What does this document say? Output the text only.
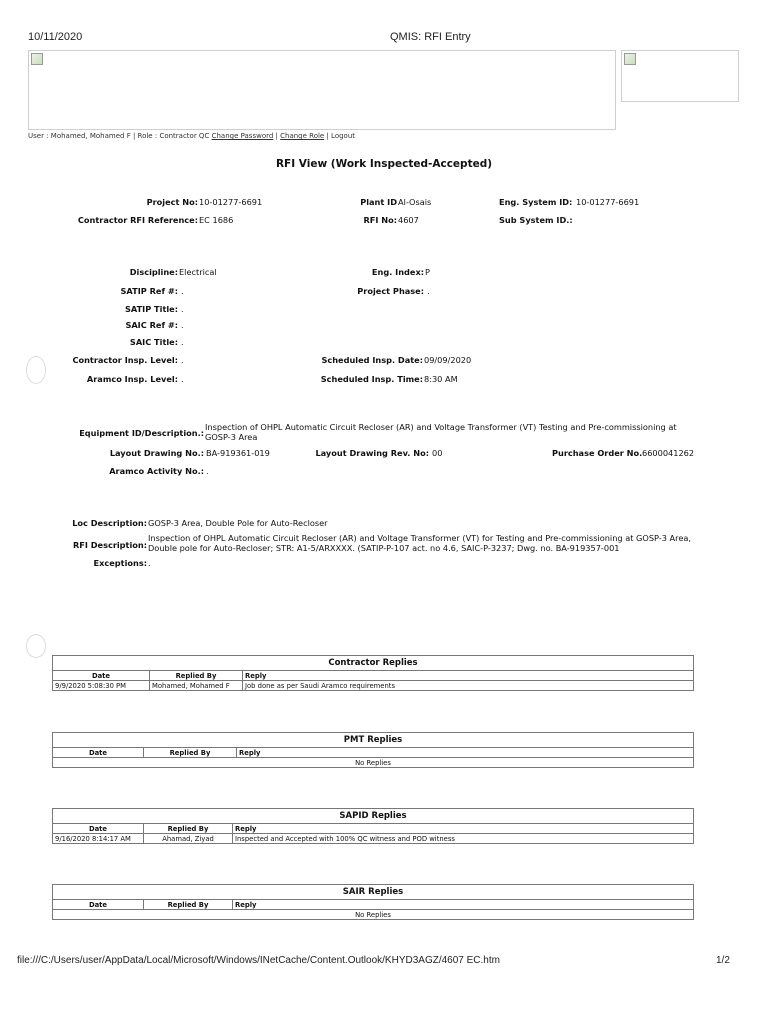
10/11/2020	QMIS: RFI Entry
User : Mohamed, Mohamed F | Role : Contractor QC Change Password | Change Role | Logout
RFI View (Work Inspected-Accepted)
Project No: 10-01277-6691	Plant ID Al-Osais	Eng. System ID: 10-01277-6691
Contractor RFI Reference: EC 1686	RFI No: 4607	Sub System ID.:
Discipline: Electrical	Eng. Index: P
SATIP Ref #: .	Project Phase: .
SATIP Title: .
SAIC Ref #: .
SAIC Title: .
Contractor Insp. Level: .	Scheduled Insp. Date: 09/09/2020
Aramco Insp. Level: .	Scheduled Insp. Time: 8:30 AM
Equipment ID/Description.:
Inspection of OHPL Automatic Circuit Recloser (AR) and Voltage Transformer (VT) Testing and Pre-commissioning at GOSP-3 Area
Layout Drawing No.: BA-919361-019	Layout Drawing Rev. No: 00	Purchase Order No. 6600041262
Aramco Activity No.: .
Loc Description: GOSP-3 Area, Double Pole for Auto-Recloser
RFI Description:
Inspection of OHPL Automatic Circuit Recloser (AR) and Voltage Transformer (VT) for Testing and Pre-commissioning at GOSP-3 Area, Double pole for Auto-Recloser; STR: A1-5/ARXXXX. (SATIP-P-107 act. no 4.6, SAIC-P-3237; Dwg. no. BA-919357-001
Exceptions: .
Contractor Replies		
Date	Replied By	Reply
9/9/2020 5:08:30 PM	Mohamed, Mohamed F	Job done as per Saudi Aramco requirements
PMT Replies
Date	Replied By	Reply
No Replies
SAPID Replies		
Date	Replied By	Reply
9/16/2020 8:14:17 AM	Ahamad, Ziyad	Inspected and Accepted with 100% QC witness and POD witness
SAIR Replies
Date	Replied By	Reply
No Replies
file:///C:/Users/user/AppData/Local/Microsoft/Windows/INetCache/Content.Outlook/KHYD3AGZ/4607 EC.htm	1/2
